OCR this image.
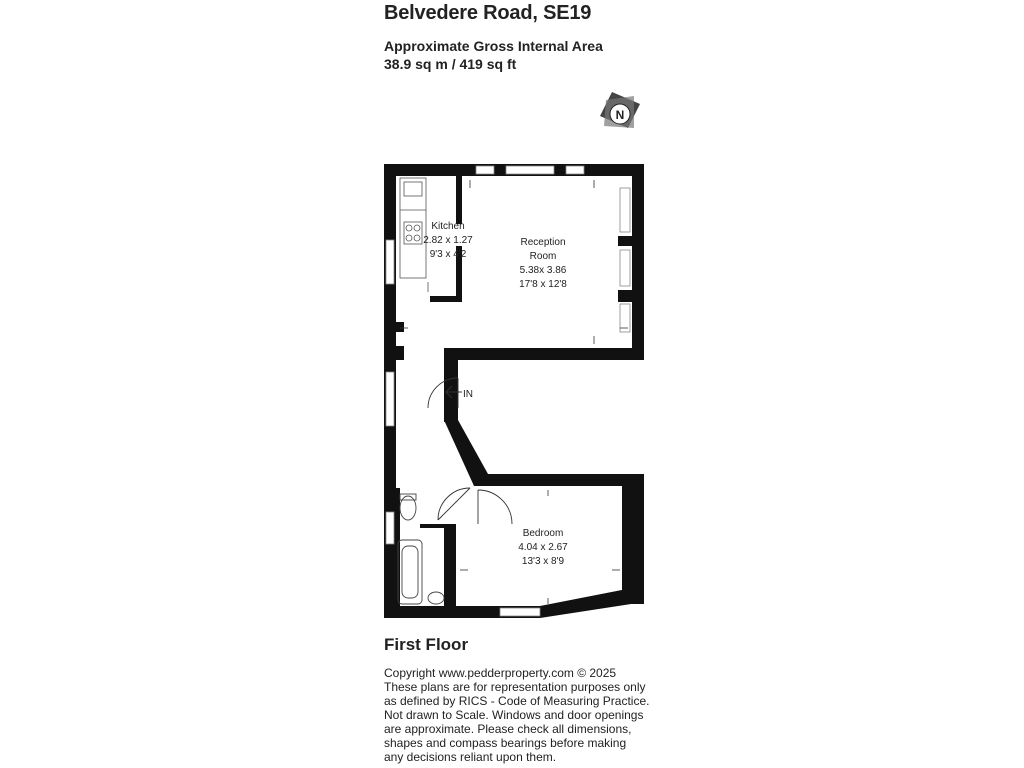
Belvedere Road, SE19
Approximate Gross Internal Area
38.9 sq m / 419 sq ft
N
IN
Kitchen
2.82 x 1.27
9'3 x 4'2
Reception
Room
5.38x 3.86
17'8 x 12'8
Bedroom
4.04 x 2.67
13'3 x 8'9
First Floor
Copyright www.pedderproperty.com © 2025
These plans are for representation purposes only
as defined by RICS - Code of Measuring Practice.
Not drawn to Scale. Windows and door openings
are approximate. Please check all dimensions,
shapes and compass bearings before making
any decisions reliant upon them.
